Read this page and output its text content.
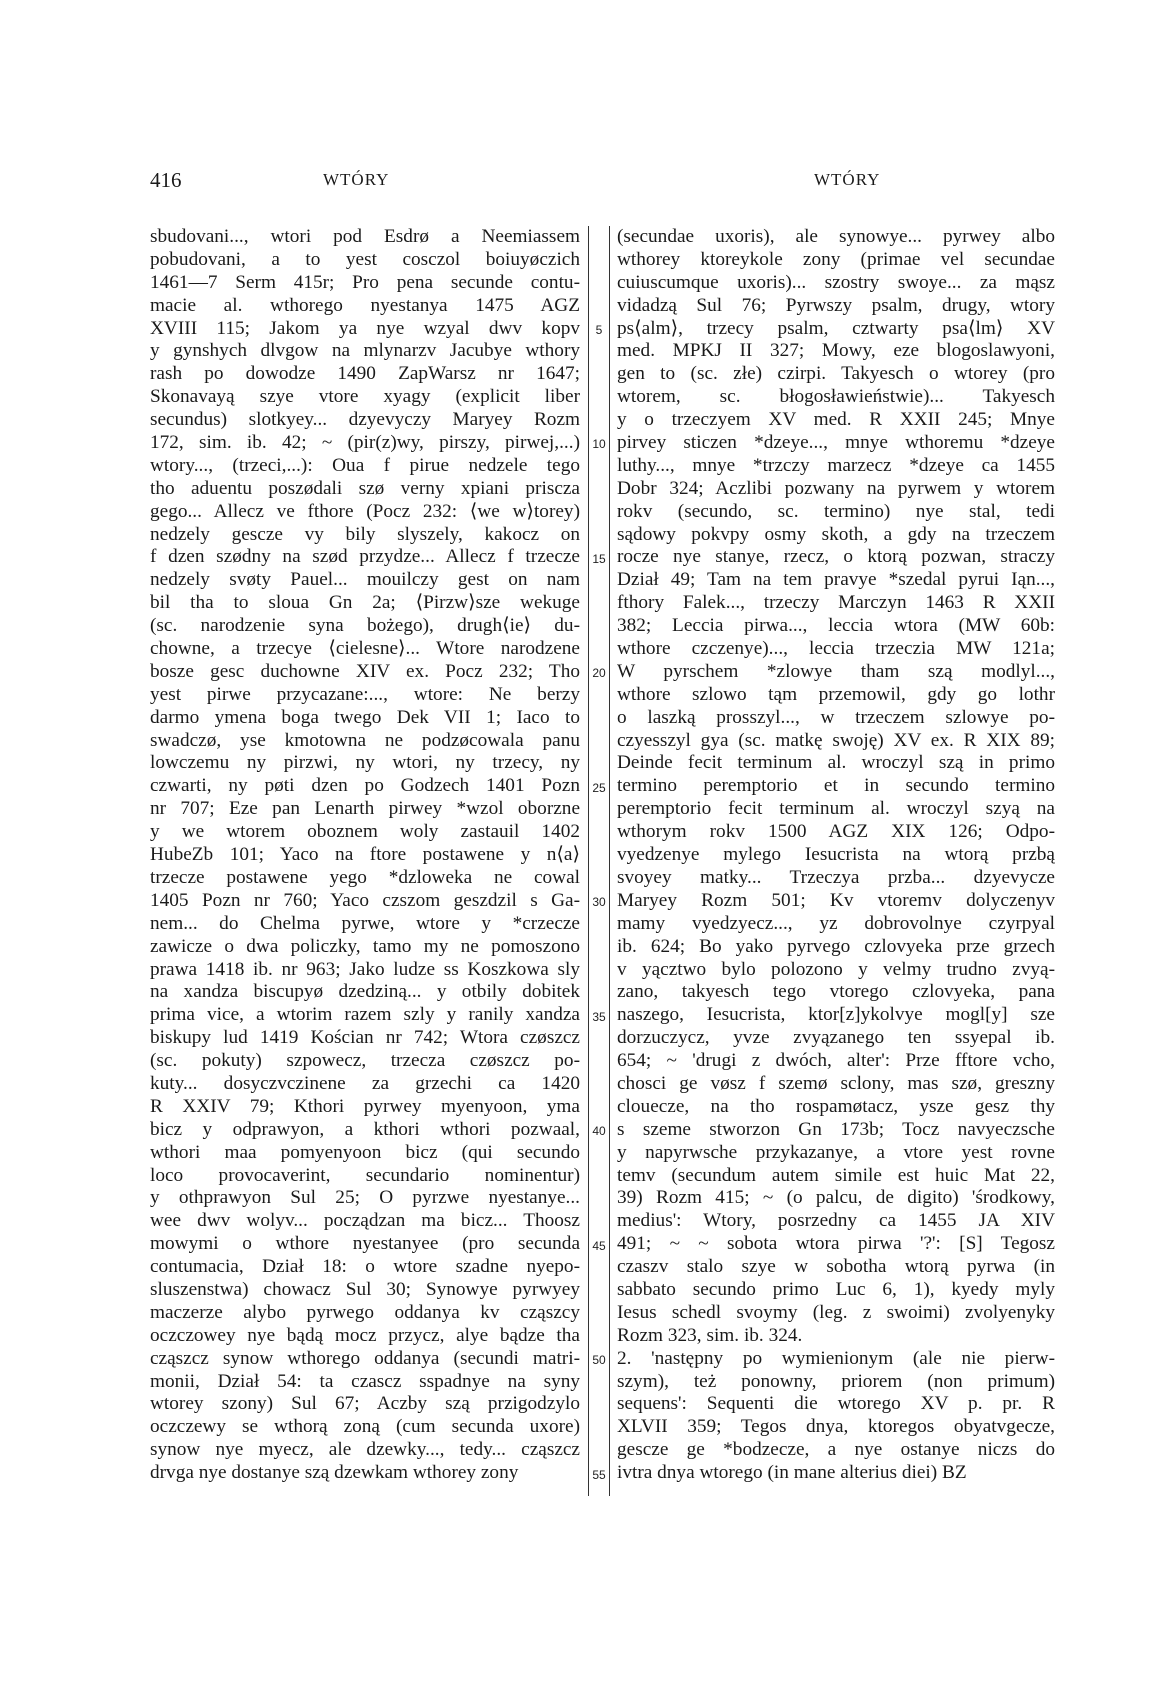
416	WTÓRY	WTÓRY
sbudovani..., wtori pod Esdrø a Neemiassem
pobudovani, a to yest cosczol boiuyøczich
1461—7 Serm 415r; Pro pena secunde contu-
macie al. wthorego nyestanya 1475 AGZ
XVIII 115; Jakom ya nye wzyal dwv kopv
y gynshych dlvgow na mlynarzv Jacubye wthory
rash po dowodze 1490 ZapWarsz nr 1647;
Skonavayą szye vtore xyagy (explicit liber
secundus) slotkyey... dzyevyczy Maryey Rozm
172, sim. ib. 42; ~ (pir(z)wy, pirszy, pirwej,...)
wtory..., (trzeci,...): Oua f pirue nedzele tego
tho aduentu poszødali szø verny xpiani priscza
gego... Allecz ve fthore (Pocz 232: ⟨we w⟩torey)
nedzely gescze vy bily slyszely, kakocz on
f dzen szødny na szød przydze... Allecz f trzecze
nedzely svøty Pauel... mouilczy gest on nam
bil tha to sloua Gn 2a; ⟨Pirzw⟩sze wekuge
(sc. narodzenie syna bożego), drugh⟨ie⟩ du-
chowne, a trzecye ⟨cielesne⟩... Wtore narodzene
bosze gesc duchowne XIV ex. Pocz 232; Tho
yest pirwe przycazane:..., wtore: Ne berzy
darmo ymena boga twego Dek VII 1; Iaco to
swadczø, yse kmotowna ne podzøcowala panu
lowczemu ny pirzwi, ny wtori, ny trzecy, ny
czwarti, ny pøti dzen po Godzech 1401 Pozn
nr 707; Eze pan Lenarth pirwey *wzol oborzne
y we wtorem oboznem woly zastauil 1402
HubeZb 101; Yaco na ftore postawene y n⟨a⟩
trzecze postawene yego *dzloweka ne cowal
1405 Pozn nr 760; Yaco czszom geszdzil s Ga-
nem... do Chelma pyrwe, wtore y *crzecze
zawicze o dwa policzky, tamo my ne pomoszono
prawa 1418 ib. nr 963; Jako ludze ss Koszkowa sly
na xandza biscupyø dzedziną... y otbily dobitek
prima vice, a wtorim razem szly y ranily xandza
biskupy lud 1419 Kościan nr 742; Wtora czøszcz
(sc. pokuty) szpowecz, trzecza czøszcz po-
kuty... dosyczvczinene za grzechi ca 1420
R XXIV 79; Kthori pyrwey myenyoon, yma
bicz y odprawyon, a kthori wthori pozwaal,
wthori maa pomyenyoon bicz (qui secundo
loco provocaverint, secundario nominentur)
y othprawyon Sul 25; O pyrzwe nyestanye...
wee dwv wolyv... począdzan ma bicz... Thoosz
mowymi o wthore nyestanyee (pro secunda
contumacia, Dział 18: o wtore szadne nyepo-
sluszenstwa) chowacz Sul 30; Synowye pyrwyey
maczerze alybo pyrwego oddanya kv cząszcy
oczczowey nye bądą mocz przycz, alye bądze tha
cząszcz synow wthorego oddanya (secundi matri-
monii, Dział 54: ta czascz sspadnye na syny
wtorey szony) Sul 67; Aczby szą przigodzylo
oczczewy se wthorą zoną (cum secunda uxore)
synow nye myecz, ale dzewky..., tedy... cząszcz
drvga nye dostanye szą dzewkam wthorey zony
5
10
15
20
25
30
35
40
45
50
55
(secundae uxoris), ale synowye... pyrwey albo
wthorey ktoreykole zony (primae vel secundae
cuiuscumque uxoris)... szostry swoye... za mąsz
vidadzą Sul 76; Pyrwszy psalm, drugy, wtory
ps⟨alm⟩, trzecy psalm, cztwarty psa⟨lm⟩ XV
med. MPKJ II 327; Mowy, eze blogoslawyoni,
gen to (sc. złe) czirpi. Takyesch o wtorey (pro
wtorem, sc. błogosławieństwie)... Takyesch
y o trzeczyem XV med. R XXII 245; Mnye
pirvey sticzen *dzeye..., mnye wthoremu *dzeye
luthy..., mnye *trzczy marzecz *dzeye ca 1455
Dobr 324; Aczlibi pozwany na pyrwem y wtorem
rokv (secundo, sc. termino) nye stal, tedi
sądowy pokvpy osmy skoth, a gdy na trzeczem
rocze nye stanye, rzecz, o ktorą pozwan, straczy
Dział 49; Tam na tem pravye *szedal pyrui Iąn...,
fthory Falek..., trzeczy Marczyn 1463 R XXII
382; Leccia pirwa..., leccia wtora (MW 60b:
wthore czczenye)..., leccia trzeczia MW 121a;
W pyrschem *zlowye tham szą modlyl...,
wthore szlowo tąm przemowil, gdy go lothr
o laszką prosszyl..., w trzeczem szlowye po-
czyesszyl gya (sc. matkę swoję) XV ex. R XIX 89;
Deinde fecit terminum al. wroczyl szą in primo
termino peremptorio et in secundo termino
peremptorio fecit terminum al. wroczyl szyą na
wthorym rokv 1500 AGZ XIX 126; Odpo-
vyedzenye mylego Iesucrista na wtorą przbą
svoyey matky... Trzeczya przba... dzyevycze
Maryey Rozm 501; Kv vtoremv dolyczenyv
mamy vyedzyecz..., yz dobrovolnye czyrpyal
ib. 624; Bo yako pyrvego czlovyeka prze grzech
v yącztwo bylo polozono y velmy trudno zvyą-
zano, takyesch tego vtorego czlovyeka, pana
naszego, Iesucrista, ktor[z]ykolvye mogl[y] sze
dorzuczycz, yvze zvyązanego ten ssyepal ib.
654; ~ 'drugi z dwóch, alter': Prze fftore vcho,
chosci ge vøsz f szemø sclony, mas szø, greszny
clouecze, na tho rospamøtacz, ysze gesz thy
s szeme stworzon Gn 173b; Tocz navyeczsche
y napyrwsche przykazanye, a vtore yest rovne
temv (secundum autem simile est huic Mat 22,
39) Rozm 415; ~ (o palcu, de digito) 'środkowy,
medius': Wtory, posrzedny ca 1455 JA XIV
491; ~ ~ sobota wtora pirwa '?': [S] Tegosz
czaszv stalo szye w sobotha wtorą pyrwa (in
sabbato secundo primo Luc 6, 1), kyedy myly
Iesus schedl svoymy (leg. z swoimi) zvolyenyky
Rozm 323, sim. ib. 324.
2. 'następny po wymienionym (ale nie pierw-
szym), też ponowny, priorem (non primum)
sequens': Sequenti die wtorego XV p. pr. R
XLVII 359; Tegos dnya, ktoregos obyatvgecze,
gescze ge *bodzecze, a nye ostanye niczs do
ivtra dnya wtorego (in mane alterius diei) BZ
